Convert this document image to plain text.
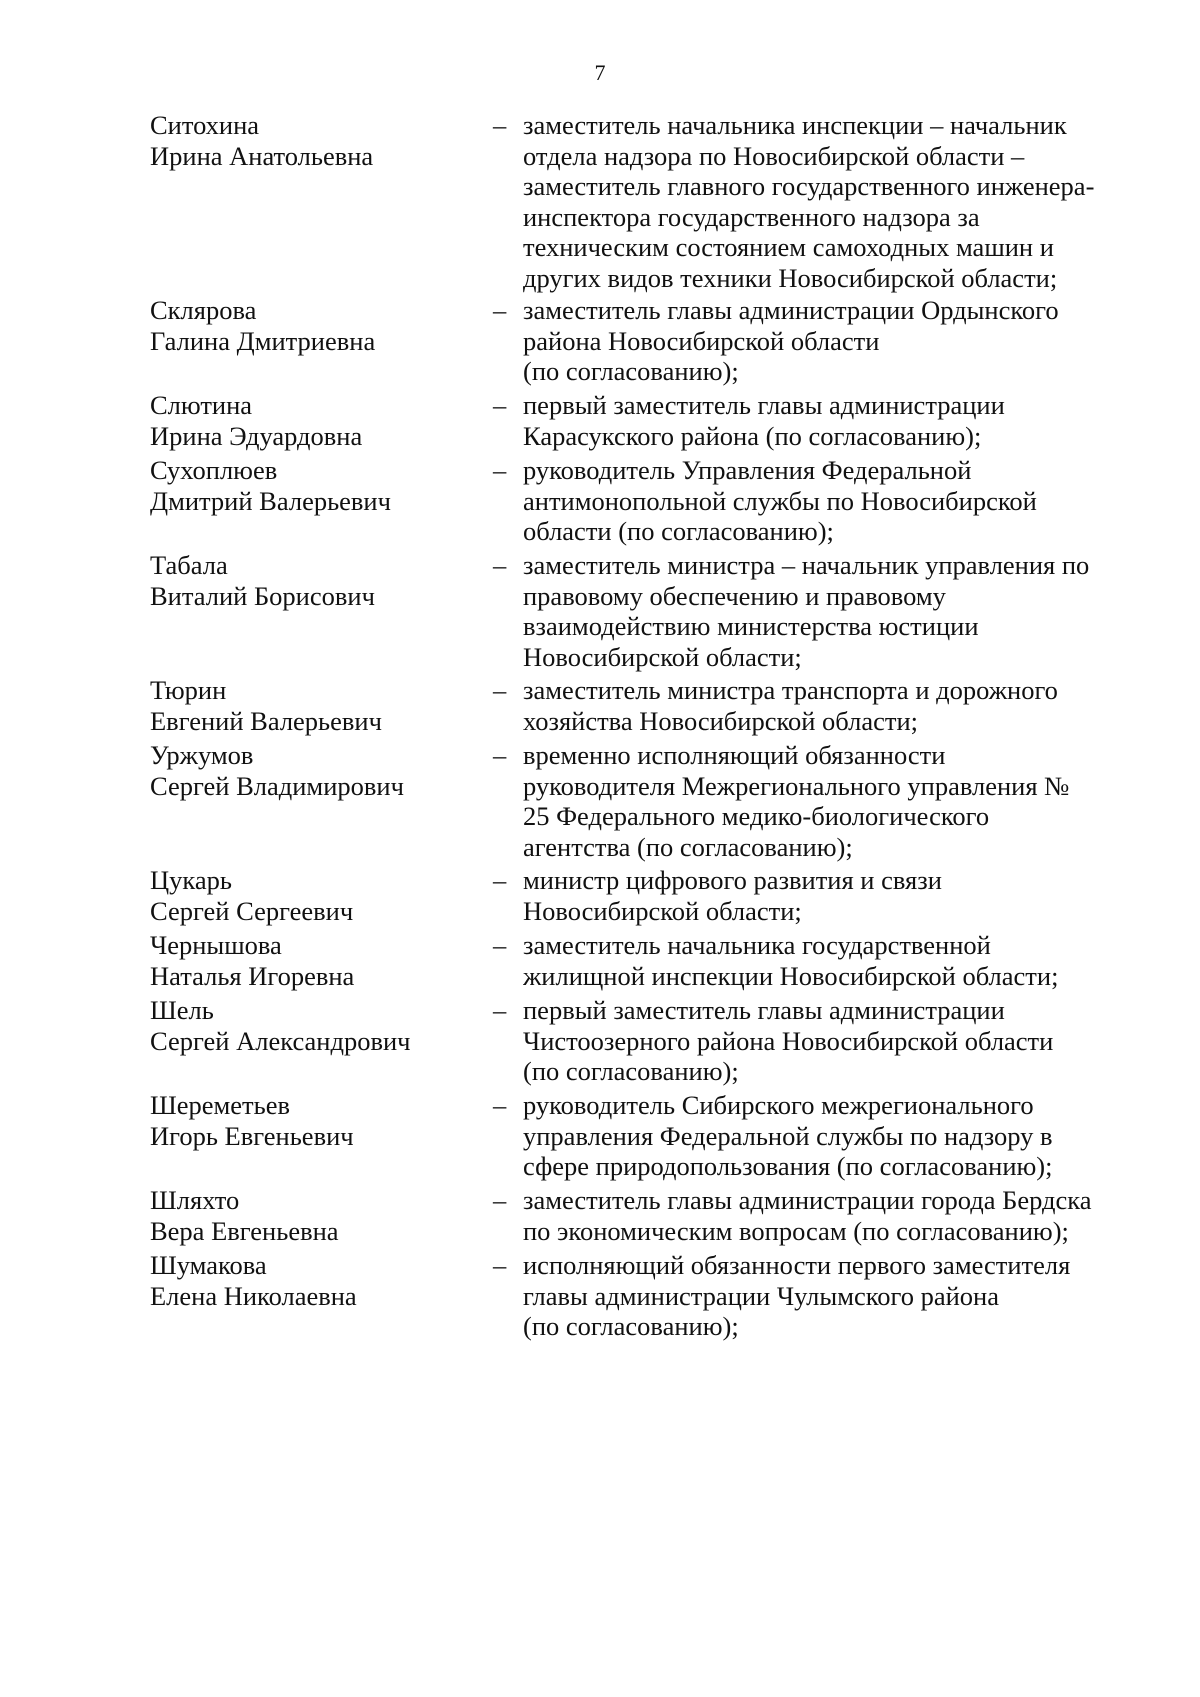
7
Ситохина
Ирина Анатольевна
– заместитель начальника инспекции – начальник
отдела надзора по Новосибирской области –
заместитель главного государственного инженера-
инспектора государственного надзора за
техническим состоянием самоходных машин и
других видов техники Новосибирской области;
Склярова
Галина Дмитриевна
– заместитель главы администрации Ордынского
района Новосибирской области
(по согласованию);
Слютина
Ирина Эдуардовна
– первый заместитель главы администрации
Карасукского района (по согласованию);
Сухоплюев
Дмитрий Валерьевич
– руководитель Управления Федеральной
антимонопольной службы по Новосибирской
области (по согласованию);
Табала
Виталий Борисович
– заместитель министра – начальник управления по
правовому обеспечению и правовому
взаимодействию министерства юстиции
Новосибирской области;
Тюрин
Евгений Валерьевич
– заместитель министра транспорта и дорожного
хозяйства Новосибирской области;
Уржумов
Сергей Владимирович
– временно исполняющий обязанности
руководителя Межрегионального управления №
25 Федерального медико-биологического
агентства (по согласованию);
Цукарь
Сергей Сергеевич
– министр цифрового развития и связи
Новосибирской области;
Чернышова
Наталья Игоревна
– заместитель начальника государственной
жилищной инспекции Новосибирской области;
Шель
Сергей Александрович
– первый заместитель главы администрации
Чистоозерного района Новосибирской области
(по согласованию);
Шереметьев
Игорь Евгеньевич
– руководитель Сибирского межрегионального
управления Федеральной службы по надзору в
сфере природопользования (по согласованию);
Шляхто
Вера Евгеньевна
– заместитель главы администрации города Бердска
по экономическим вопросам (по согласованию);
Шумакова
Елена Николаевна
– исполняющий обязанности первого заместителя
главы администрации Чулымского района
(по согласованию);
